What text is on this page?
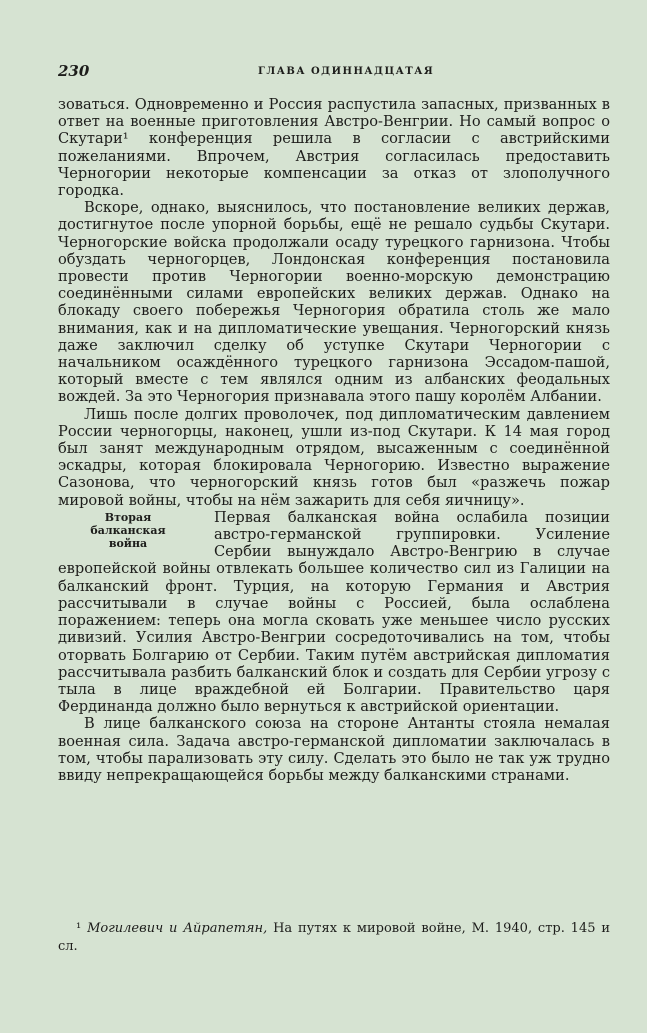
230	ГЛАВА ОДИННАДЦАТАЯ

зоваться. Одновременно и Россия распустила запасных, призванных в ответ на военные приготовления Австро-Венгрии. Но самый вопрос о Скутари¹ конференция решила в согласии с австрийскими пожеланиями. Впрочем, Австрия согласилась предоставить Черногории некоторые компенсации за отказ от злополучного городка.

Вскоре, однако, выяснилось, что постановление великих держав, достигнутое после упорной борьбы, ещё не решало судьбы Скутари. Черногорские войска продолжали осаду турецкого гарнизона. Чтобы обуздать черногорцев, Лондонская конференция постановила провести против Черногории военно-морскую демонстрацию соединёнными силами европейских великих держав. Однако на блокаду своего побережья Черногория обратила столь же мало внимания, как и на дипломатические увещания. Черногорский князь даже заключил сделку об уступке Скутари Черногории с начальником осаждённого турецкого гарнизона Эссадом-пашой, который вместе с тем являлся одним из албанских феодальных вождей. За это Черногория признавала этого пашу королём Албании.

Лишь после долгих проволочек, под дипломатическим давлением России черногорцы, наконец, ушли из-под Скутари. К 14 мая город был занят международным отрядом, высаженным с соединённой эскадры, которая блокировала Черногорию. Известно выражение Сазонова, что черногорский князь готов был «разжечь пожар мировой войны, чтобы на нём зажарить для себя яичницу».

Вторая
балканская
война

Первая балканская война ослабила позиции австро-германской группировки. Усиление Сербии вынуждало Австро-Венгрию в случае европейской войны отвлекать большее количество сил из Галиции на балканский фронт. Турция, на которую Германия и Австрия рассчитывали в случае войны с Россией, была ослаблена поражением: теперь она могла сковать уже меньшее число русских дивизий. Усилия Австро-Венгрии сосредоточивались на том, чтобы оторвать Болгарию от Сербии. Таким путём австрийская дипломатия рассчитывала разбить балканский блок и создать для Сербии угрозу с тыла в лице враждебной ей Болгарии. Правительство царя Фердинанда должно было вернуться к австрийской ориентации.

В лице балканского союза на стороне Антанты стояла немалая военная сила. Задача австро-германской дипломатии заключалась в том, чтобы парализовать эту силу. Сделать это было не так уж трудно ввиду непрекращающейся борьбы между балканскими странами.

¹ Могилевич и Айрапетян, На путях к мировой войне, М. 1940, стр. 145 и сл.
